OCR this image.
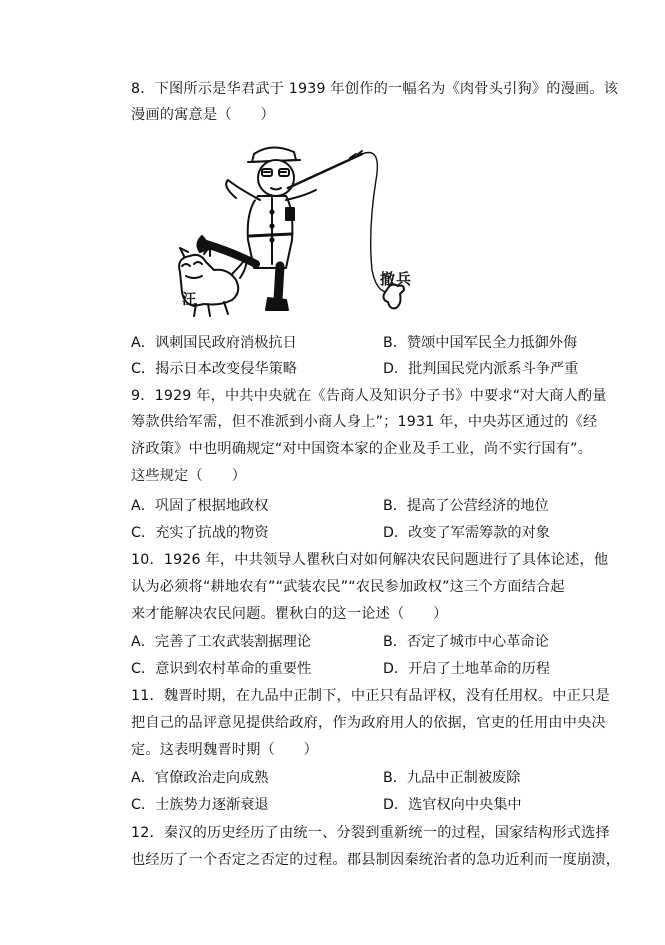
8．下图所示是华君武于 1939 年创作的一幅名为《肉骨头引狗》的漫画。该
漫画的寓意是（　　）
汪
撤兵
A．讽刺国民政府消极抗日	B．赞颂中国军民全力抵御外侮
C．揭示日本改变侵华策略	D．批判国民党内派系斗争严重
9．1929 年，中共中央就在《告商人及知识分子书》中要求“对大商人酌量
筹款供给军需，但不准派到小商人身上”；1931 年，中央苏区通过的《经
济政策》中也明确规定“对中国资本家的企业及手工业，尚不实行国有”。
这些规定（　　）
A．巩固了根据地政权	B．提高了公营经济的地位
C．充实了抗战的物资	D．改变了军需筹款的对象
10．1926 年，中共领导人瞿秋白对如何解决农民问题进行了具体论述，他
认为必须将“耕地农有”“武装农民”“农民参加政权”这三个方面结合起
来才能解决农民问题。瞿秋白的这一论述（　　）
A．完善了工农武装割据理论	B．否定了城市中心革命论
C．意识到农村革命的重要性	D．开启了土地革命的历程
11．魏晋时期，在九品中正制下，中正只有品评权，没有任用权。中正只是
把自己的品评意见提供给政府，作为政府用人的依据，官吏的任用由中央决
定。这表明魏晋时期（　　）
A．官僚政治走向成熟	B．九品中正制被废除
C．士族势力逐渐衰退	D．选官权向中央集中
12．秦汉的历史经历了由统一、分裂到重新统一的过程，国家结构形式选择
也经历了一个否定之否定的过程。郡县制因秦统治者的急功近利而一度崩溃，
